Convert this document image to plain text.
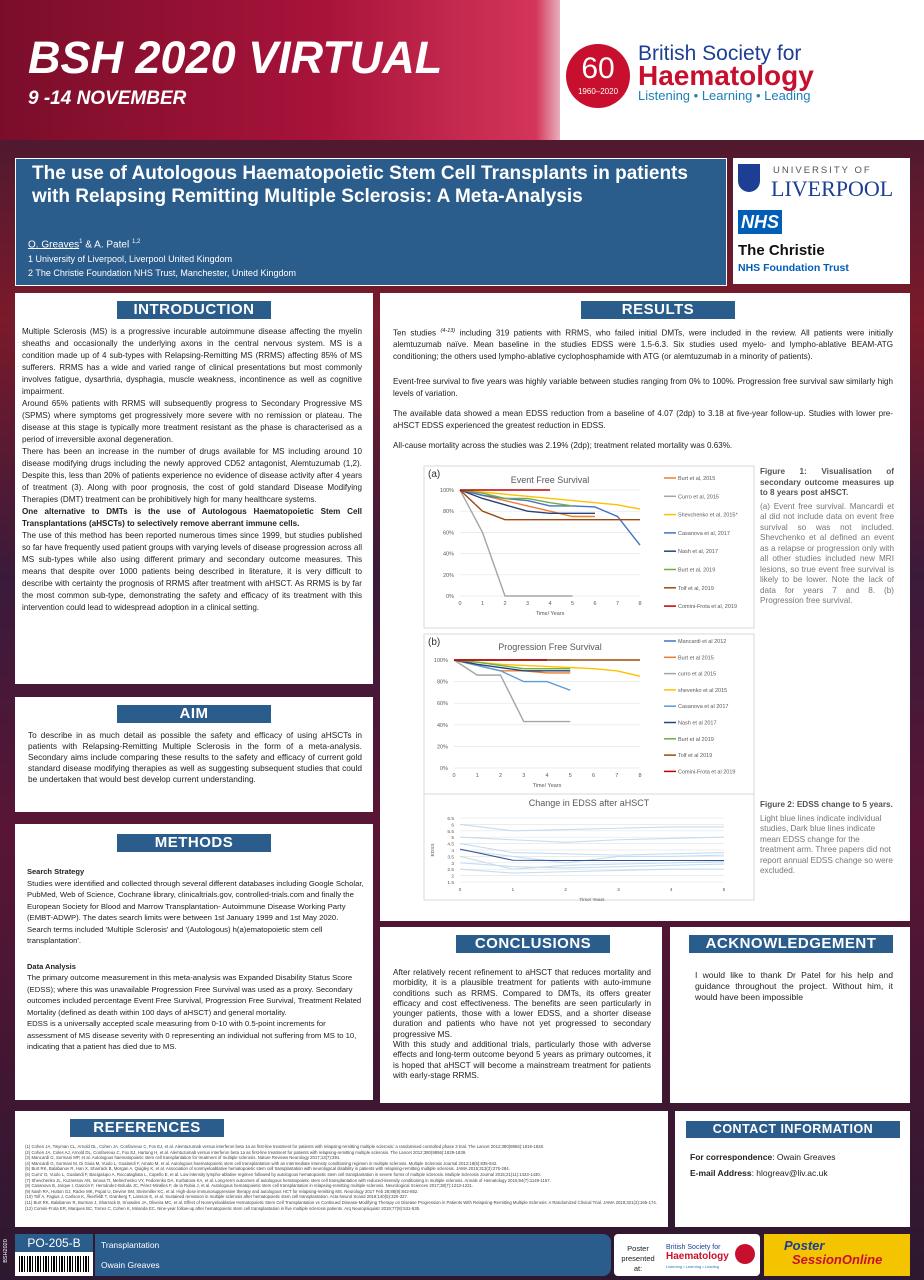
BSH 2020 VIRTUAL
9 -14 NOVEMBER
60
1960–2020
British Society for
Haematology
Listening • Learning • Leading
The use of Autologous Haematopoietic Stem Cell Transplants in patients with Relapsing Remitting Multiple Sclerosis: A Meta-Analysis
O. Greaves$^1$ & A. Patel $^{1,2}$
1 University of Liverpool, Liverpool United Kingdom
2 The Christie Foundation NHS Trust, Manchester, United Kingdom
UNIVERSITY OF
LIVERPOOL
NHS
The Christie
NHS Foundation Trust
INTRODUCTION

Multiple Sclerosis (MS) is a progressive incurable autoimmune disease affecting the myelin sheaths and occasionally the underlying axons in the central nervous system. MS is a condition made up of 4 sub-types with Relapsing-Remitting MS (RRMS) affecting 85% of MS sufferers. RRMS has a wide and varied range of clinical presentations but most commonly involves fatigue, dysarthria, dysphagia, muscle weakness, incontinence as well as cognitive impairment.

Around 65% patients with RRMS will subsequently progress to Secondary Progressive MS (SPMS) where symptoms get progressively more severe with no remission or plateau. The disease at this stage is typically more treatment resistant as the phase is characterised as a period of irreversible axonal degeneration.

There has been an increase in the number of drugs available for MS including around 10 disease modifying drugs including the newly approved CD52 antagonist, Alemtuzumab (1,2). Despite this, less than 20% of patients experience no evidence of disease activity after 4 years of treatment (3). Along with poor prognosis, the cost of gold standard Disease Modifying Therapies (DMT) treatment can be prohibitively high for many healthcare systems.

One alternative to DMTs is the use of Autologous Haematopoietic Stem Cell Transplantations (aHSCTs) to selectively remove aberrant immune cells.

The use of this method has been reported numerous times since 1999, but studies published so far have frequently used patient groups with varying levels of disease progression across all MS sub-types while also using different primary and secondary outcome measures. This means that despite over 1000 patients being described in literature, it is very difficult to describe with certainty the prognosis of RRMS after treatment with aHSCT. As RRMS is by far the most common sub-type, demonstrating the safety and efficacy of its treatment with this intervention could lead to widespread adoption in a clinical setting.

AIM
To describe in as much detail as possible the safety and efficacy of using aHSCTs in patients with Relapsing-Remitting Multiple Sclerosis in the form of a meta-analysis. Secondary aims include comparing these results to the safety and efficacy of current gold standard disease modifying therapies as well as suggesting subsequent studies that could be undertaken that would best develop current understanding.
METHODS
Search Strategy
Studies were identified and collected through several different databases including Google Scholar, PubMed, Web of Science, Cochrane library, clinicaltrials.gov, controlled-trials.com and finally the European Society for Blood and Marrow Transplantation- Autoimmune Disease Working Party (EMBT-ADWP). The dates search limits were between 1st January 1999 and 1st May 2020. Search terms included 'Multiple Sclerosis' and '(Autologous) h(a)ematopoietic stem cell transplantation'.
Data Analysis
The primary outcome measurement in this meta-analysis was Expanded Disability Status Score (EDSS); where this was unavailable Progression Free Survival was used as a proxy. Secondary outcomes included percentage Event Free Survival, Progression Free Survival, Treatment Related Mortality (defined as death within 100 days of aHSCT) and general mortality.
EDSS is a universally accepted scale measuring from 0-10 with 0.5-point increments for assessment of MS disease severity with 0 representing an individual not suffering from MS to 10, indicating that a patient has died due to MS.
RESULTS

Ten studies $^{(4-13)}$ including 319 patients with RRMS, who failed initial DMTs, were included in the review. All patients were initially alemtuzumab naïve. Mean baseline in the studies EDSS were 1.5-6.3. Six studies used myelo- and lympho-ablative BEAM-ATG conditioning; the others used lympho-ablative cyclophosphamide with ATG (or alemtuzumab in a minority of patients).

Event-free survival to five years was highly variable between studies ranging from 0% to 100%. Progression free survival saw similarly high levels of variation.

The available data showed a mean EDSS reduction from a baseline of 4.07 (2dp) to 3.18 at five-year follow-up. Studies with lower pre-aHSCT EDSS experienced the greatest reduction in EDSS.

All-cause mortality across the studies was 2.19% (2dp); treatment related mortality was 0.63%.

0%
20%
40%
60%
80%
100%
0	1	2	3	4	5	6	7	8
Event Free Survival
Time/ Years
(a)	Burt et al, 2015
Curro et al, 2015
Shevchenko et al, 2015*
Casanova et al, 2017
Nash et al, 2017
Burt et al, 2019
Tolf et al, 2019
Comini-Frota et al, 2019
0%
20%
40%
60%
80%
100%
0	1	2	3	4	5	6	7	8
Progression Free Survival
Time/ Years
(b)	Mancardi et al 2012
Burt et al 2015
curro et al 2015
shevenko et al 2015
Casanova et al 2017
Nash et al 2017
Burt et al 2019
Tolf et al 2019
Comini-Frota et al 2019
1.5
2
2.5
3
3.5
4
4.5
5
5.5
6
6.5
0	1	2	3	4	5
Change in EDSS after aHSCT
Time/ Years
EDSS
Figure 1: Visualisation of secondary outcome measures up to 8 years post aHSCT.
(a) Event free survival. Mancardi et al did not include data on event free survival so was not included. Shevchenko et al defined an event as a relapse or progression only with all other studies included new MRI lesions, so true event free survival is likely to be lower. Note the lack of data for years 7 and 8. (b) Progression free survival.
Figure 2: EDSS change to 5 years.
Light blue lines indicate individual studies, Dark blue lines indicate mean EDSS change for the treatment arm. Three papers did not report annual EDSS change so were excluded.
CONCLUSIONS

After relatively recent refinement to aHSCT that reduces mortality and morbidity, it is a plausible treatment for patients with auto-immune conditions such as RRMS. Compared to DMTs, its offers greater efficacy and cost effectiveness. The benefits are seen particularly in younger patients, those with a lower EDSS, and a shorter disease duration and patients who have not yet progressed to secondary progressive MS.

With this study and additional trials, particularly those with adverse effects and long-term outcome beyond 5 years as primary outcomes, it is hoped that aHSCT will become a mainstream treatment for patients with early-stage RRMS.

ACKNOWLEDGEMENT
I would like to thank Dr Patel for his help and guidance throughout the project. Without him, it would have been impossible
REFERENCES
(1) Cohen JA, Twyman CL, Arnold DL, Cohen JA, Confavreux C, Fox EJ, et al. Alemtuzumab versus interferon beta 1a as first-line treatment for patients with relapsing-remitting multiple sclerosis: a randomised controlled phase 3 trial. The Lancet 2012;380(9856):1819-1828.
(2) Cohen JA, Coles AJ, Arnold DL, Confavreux C, Fox EJ, Hartung H, et al. Alemtuzumab versus interferon beta 1a as first-line treatment for patients with relapsing-remitting multiple sclerosis. The Lancet 2012;380(9856):1829-1839.
(3) Mancardi G, Sormani MP, et al. Autologous haematopoietic stem cell transplantation for treatment of multiple sclerosis. Nature Reviews Neurology 2017;13(7):391.
(4) Mancardi G, Sormani M, Di Gioia M, Vuolo L, Gualandi F, Amato M, et al. Autologous haematopoietic stem cell transplantation with an intermediate intensity conditioning regimen in multiple sclerosis. Multiple Sclerosis Journal 2012;18(6):835-842.
(5) Burt RK, Balabanov R, Han X, Sharrack B, Morgan A, Quigley K, et al. Association of nonmyeloablative hematopoietic stem cell transplantation with neurological disability in patients with relapsing-remitting multiple sclerosis. JAMA 2015;313(3):275-284.
(6) Curro' D, Vuolo L, Gualandi F, Bacigalupo A, Roccatagliata L, Capello E, et al. Low intensity lympho-ablative regimen followed by autologous hematopoietic stem cell transplantation in severe forms of multiple sclerosis. Multiple Sclerosis Journal 2015;21(11):1423-1430.
(7) Shevchenko JL, Kuznetsov AN, Ionova TI, Melnichenko VY, Fedorenko DA, Kurbatova KA, et al. Long-term outcomes of autologous hematopoietic stem cell transplantation with reduced-intensity conditioning in multiple sclerosis. Annals of Hematology 2015;94(7):1149-1157.
(8) Casanova B, Jarque I, Gascón F, Hernández-Boluda JC, Pérez-Miralles F, de la Rubia J, et al. Autologous hematopoietic stem cell transplantation in relapsing-remitting multiple sclerosis. Neurological Sciences 2017;38(7):1213-1221.
(9) Nash RA, Hutton GJ, Racke MK, Popat U, Devine SM, Steinmiller KC, et al. High-dose immunosuppressive therapy and autologous HCT for relapsing-remitting MS. Neurology 2017 Feb 28;88(9):842-852.
(10) Tolf A, Fagius J, Carlson K, Åkerfeldt T, Granberg T, Larsson E, et al. Sustained remission in multiple sclerosis after hematopoietic stem cell transplantation. Acta Neurol Scand 2019;140(5):320-327.
(11) Burt RK, Balabanov R, Burman J, Sharrack B, Snowden JA, Oliveira MC, et al. Effect of Nonmyeloablative Hematopoietic Stem Cell Transplantation vs Continued Disease-Modifying Therapy on Disease Progression in Patients With Relapsing-Remitting Multiple Sclerosis: A Randomized Clinical Trial. JAMA 2019;321(2):165-174.
(12) Comini-Frota ER, Marques BC, Torres C, Cohen K, Miranda EC. Nine-year follow-up after hematopoietic stem cell transplantation in five multiple sclerosis patients. Arq Neuropsiquiatr 2019;77(8):531-535.
CONTACT INFORMATION
For correspondence: Owain Greaves
E-mail Address: hlogreav@liv.ac.uk
BSH2020	PO-205-B	Transplantation
Owain Greaves
Poster presented at:
British Society for
Haematology
Listening • Learning • Leading
Poster
SessionOnline
